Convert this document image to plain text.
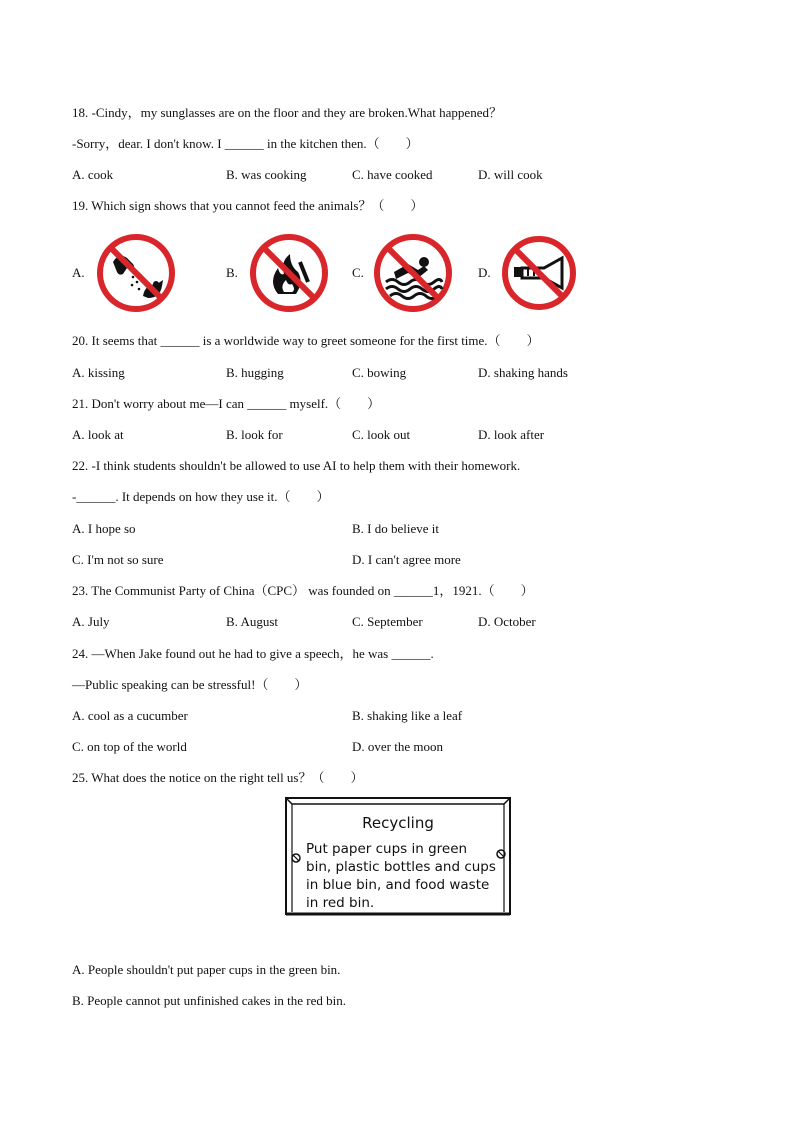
18. -Cindy，my sunglasses are on the floor and they are broken.What happened？
-Sorry，dear. I don't know. I ______ in the kitchen then.（　　）
A. cook	B. was cooking	C. have cooked	D. will cook
19. Which sign shows that you cannot feed the animals？（　　）
A.	B.	C.	D.
20. It seems that ______ is a worldwide way to greet someone for the first time.（　　）
A. kissing	B. hugging	C. bowing	D. shaking hands
21. Don't worry about me—I can ______ myself.（　　）
A. look at	B. look for	C. look out	D. look after
22. -I think students shouldn't be allowed to use AI to help them with their homework.
-______. It depends on how they use it.（　　）
A. I hope so	B. I do believe it
C. I'm not so sure	D. I can't agree more
23. The Communist Party of China（CPC） was founded on ______1，1921.（　　）
A. July	B. August	C. September	D. October
24. —When Jake found out he had to give a speech，he was ______.
—Public speaking can be stressful!（　　）
A. cool as a cucumber	B. shaking like a leaf
C. on top of the world	D. over the moon
25. What does the notice on the right tell us？（　　）
Recycling
Put paper cups in green bin, plastic bottles and cups in blue bin, and food waste in red bin.
A. People shouldn't put paper cups in the green bin.
B. People cannot put unfinished cakes in the red bin.
